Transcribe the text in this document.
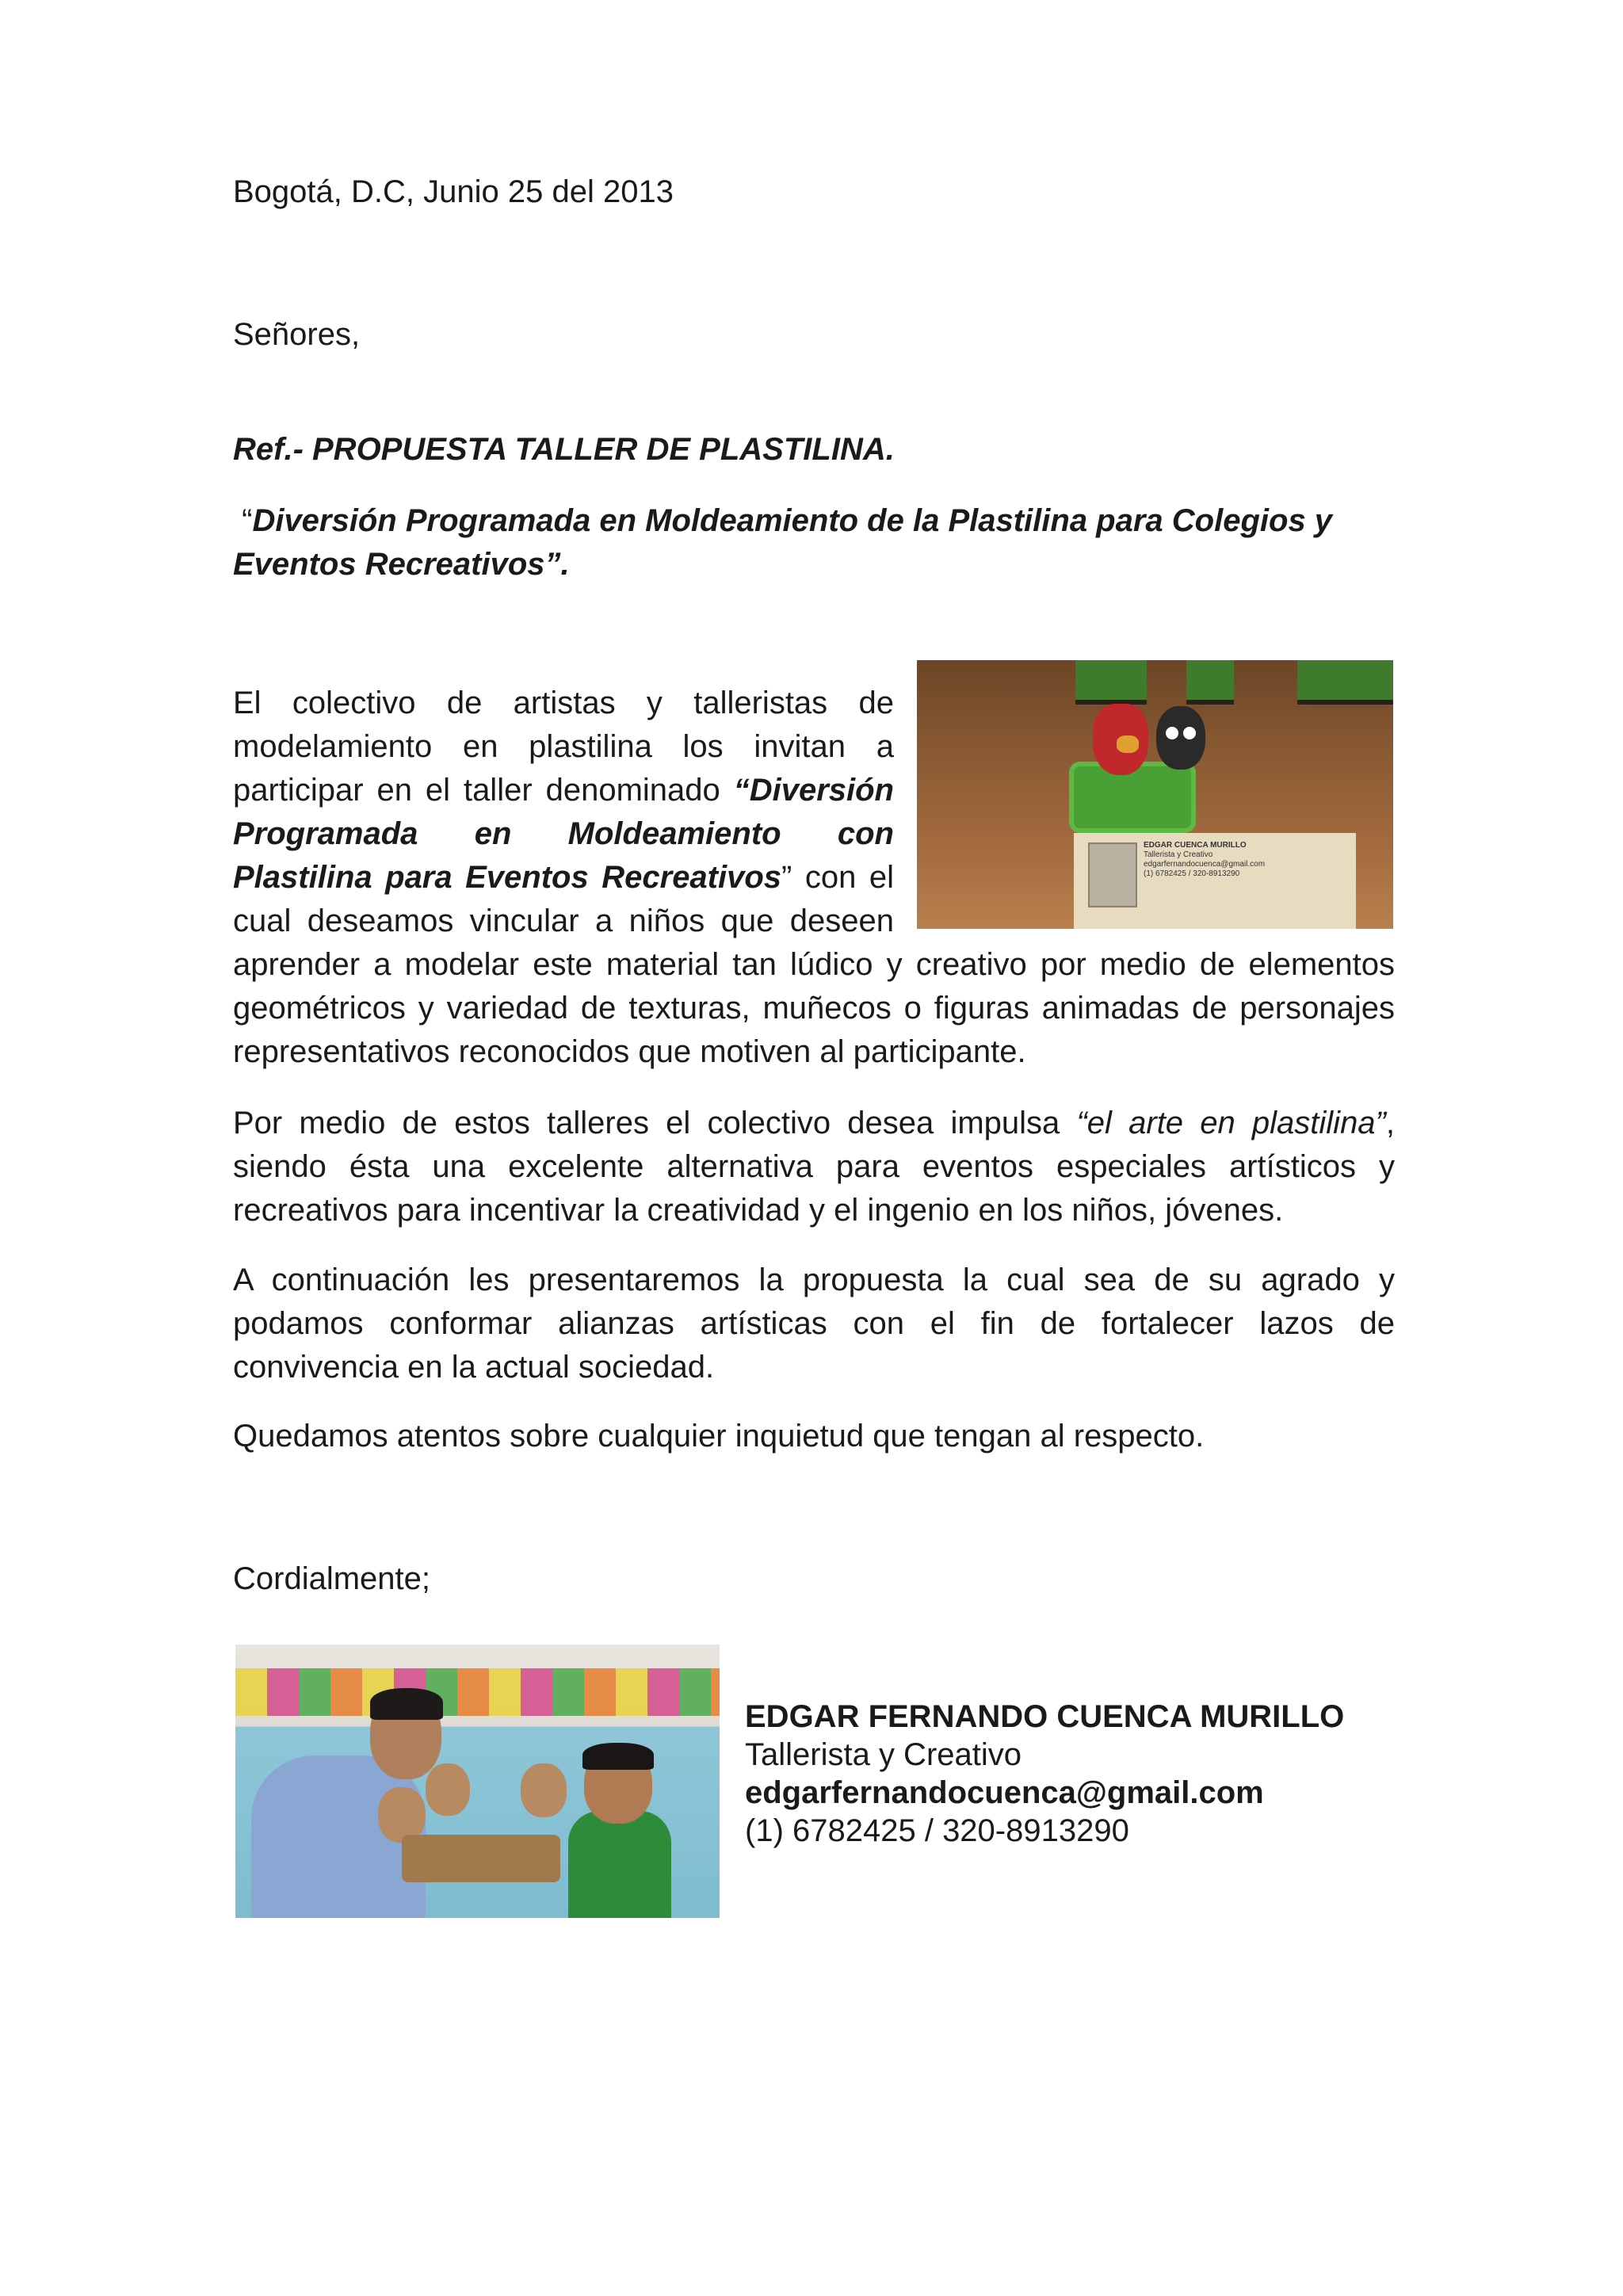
Bogotá, D.C, Junio 25 del 2013

Señores,

Ref.- PROPUESTA TALLER DE PLASTILINA.

“Diversión Programada en Moldeamiento de la Plastilina para Colegios y Eventos Recreativos”.

El colectivo de artistas y talleristas de modelamiento en plastilina los invitan a participar en el taller denominado “Diversión Programada en Moldeamiento con Plastilina para Eventos Recreativos” con el cual deseamos vincular a niños que deseen

EDGAR CUENCA MURILLO
Tallerista y Creativo
edgarfernandocuenca@gmail.com
(1) 6782425 / 320-8913290

aprender a modelar este material tan lúdico y creativo por medio de elementos geométricos y variedad de texturas, muñecos o figuras animadas de personajes representativos reconocidos que motiven al participante.

Por medio de estos talleres el colectivo desea impulsa “el arte en plastilina”, siendo ésta una excelente alternativa para eventos especiales artísticos y recreativos para incentivar la creatividad y el ingenio en los niños, jóvenes.

A continuación les presentaremos la propuesta la cual sea de su agrado y podamos conformar alianzas artísticas con el fin de fortalecer lazos de convivencia en la actual sociedad.

Quedamos atentos sobre cualquier inquietud que tengan al respecto.

Cordialmente;

EDGAR FERNANDO CUENCA MURILLO
Tallerista y Creativo
edgarfernandocuenca@gmail.com
(1) 6782425 / 320-8913290
